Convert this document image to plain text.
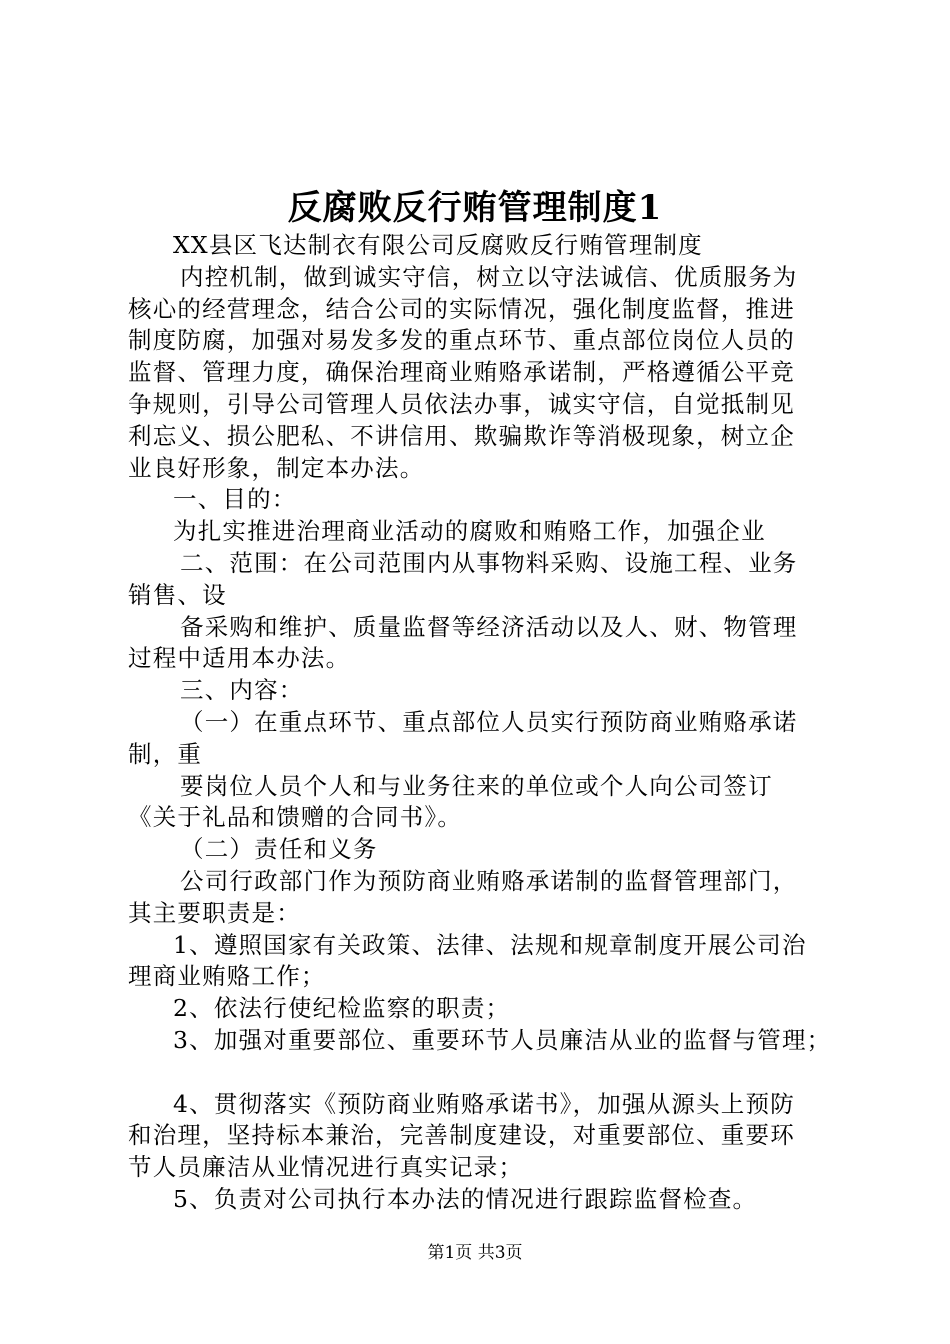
反腐败反行贿管理制度1
XX县区飞达制衣有限公司反腐败反行贿管理制度
内控机制，做到诚实守信，树立以守法诚信、优质服务为
核心的经营理念，结合公司的实际情况，强化制度监督，推进
制度防腐，加强对易发多发的重点环节、重点部位岗位人员的
监督、管理力度，确保治理商业贿赂承诺制，严格遵循公平竞
争规则，引导公司管理人员依法办事，诚实守信，自觉抵制见
利忘义、损公肥私、不讲信用、欺骗欺诈等消极现象，树立企
业良好形象，制定本办法。
一、目的：
为扎实推进治理商业活动的腐败和贿赂工作，加强企业
二、范围：在公司范围内从事物料采购、设施工程、业务
销售、设
备采购和维护、质量监督等经济活动以及人、财、物管理
过程中适用本办法。
三、内容：
（一）在重点环节、重点部位人员实行预防商业贿赂承诺
制，重
要岗位人员个人和与业务往来的单位或个人向公司签订
《关于礼品和馈赠的合同书》。
（二）责任和义务
公司行政部门作为预防商业贿赂承诺制的监督管理部门，
其主要职责是：
1、遵照国家有关政策、法律、法规和规章制度开展公司治
理商业贿赂工作；
2、依法行使纪检监察的职责；
3、加强对重要部位、重要环节人员廉洁从业的监督与管理；
4、贯彻落实《预防商业贿赂承诺书》，加强从源头上预防
和治理，坚持标本兼治，完善制度建设，对重要部位、重要环
节人员廉洁从业情况进行真实记录；
5、负责对公司执行本办法的情况进行跟踪监督检查。
第1页 共3页
